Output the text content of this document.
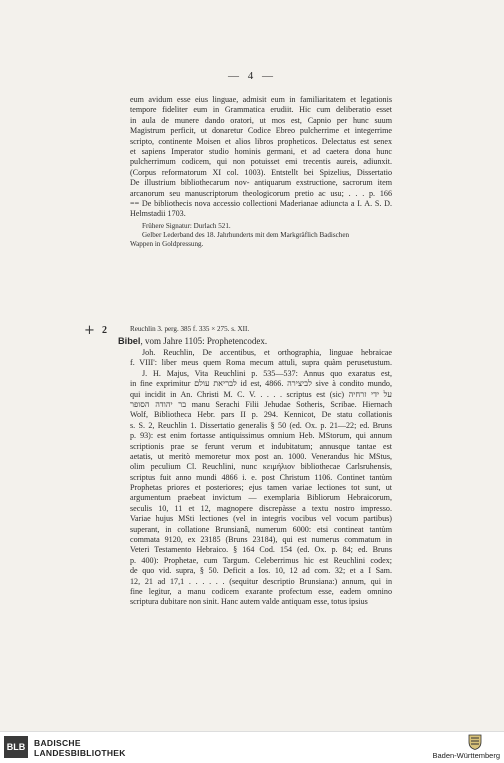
— 4 —
eum avidum esse eius linguae, admisit eum in familiaritatem et legationis
tempore fideliter eum in Grammatica erudiit. Hic cum deliberatio esset
in aula de munere dando oratori, ut mos est, Capnio per hunc suum
Magistrum perficit, ut donaretur Codice Ebreo pulcherrime et integerrime
scripto, continente Moisen et alios libros propheticos. Delectatus est senex
et sapiens Imperator studio hominis germani, et ad caetera dona hunc
pulcherrimum codicem, qui non potuisset emi trecentis aureis, adiunxit.
(Corpus reformatorum XI col. 1003). Entstellt bei Spizelius, Dissertatio
De illustrium bibliothecarum nov- antiquarum exstructione, sacrorum item
arcanorum seu manuscriptorum theologicorum pretio ac usu; . . . p. 166
== De bibliothecis nova accessio collectioni Maderianae adiuncta a I. A. S. D.
Helmstadii 1703.
Frühere Signatur: Durlach 521.
Gelber Lederband des 18. Jahrhunderts mit dem Markgräflich Badischen
Wappen in Goldpressung.
+ 2	Reuchlin 3. perg. 385 f. 335 × 275. s. XII.
Bibel, vom Jahre 1105: Prophetencodex.
Joh. Reuchlin, De accentibus, et orthographia, linguae hebraicae
f. VIII': liber meus quem Roma mecum attuli, supra quàm perusetustum.
J. H. Majus, Vita Reuchlini p. 535—537: Annus quo exaratus est,
in fine exprimitur לבריאת עולם id est, 4866. לביצירה sive à condito mundo,
qui incidit in An. Christi M. C. V. . . . . scriptus est (sic) על ידי זרחיה
בר יהודה הסופר manu Serachi Filii Jehudae Sotheris, Scribae. Hiernach
Wolf, Bibliotheca Hebr. pars II p. 294. Kennicot, De statu collationis
s. S. 2, Reuchlin 1. Dissertatio generalis § 50 (ed. Ox. p. 21—22; ed. Bruns
p. 93): est enim fortasse antiquissimus omnium Heb. MStorum, qui annum
scriptionis prae se ferunt verum et indubitatum; annusque tantae est
aetatis, ut meritò memoretur mox post an. 1000. Venerandus hic MStus,
olim peculium Cl. Reuchlini, nunc κειμήλιον bibliothecae Carlsruhensis,
scriptus fuit anno mundi 4866 i. e. post Christum 1106. Continet tantùm
Prophetas priores et posteriores; ejus tamen variae lectiones tot sunt, ut
argumentum praebeat invictum — exemplaria Bibliorum Hebraicorum,
seculis 10, 11 et 12, magnopere discrepàsse a textu nostro impresso.
Variae hujus MSti lectiones (vel in integris vocibus vel vocum partibus)
superant, in collatione Brunsianâ, numerum 6000: etsi contineat tantùm
commata 9120, ex 23185 (Bruns 23184), qui est numerus commatum in
Veteri Testamento Hebraico. § 164 Cod. 154 (ed. Ox. p. 84; ed. Bruns
p. 400): Prophetae, cum Targum. Celeberrimus hic est Reuchlini codex;
de quo vid. supra, § 50. Deficit a Ios. 10, 12 ad com. 32; et a I Sam.
12, 21 ad 17,1 . . . . . . (sequitur descriptio Brunsiana:) annum, qui in
fine legitur, a manu codicem exarante profectum esse, eadem omnino
scriptura dubitare non sinit. Hanc autem valde antiquam esse, totus ipsius
BLB	BADISCHE
LANDESBIBLIOTHEK	Baden-Württemberg
